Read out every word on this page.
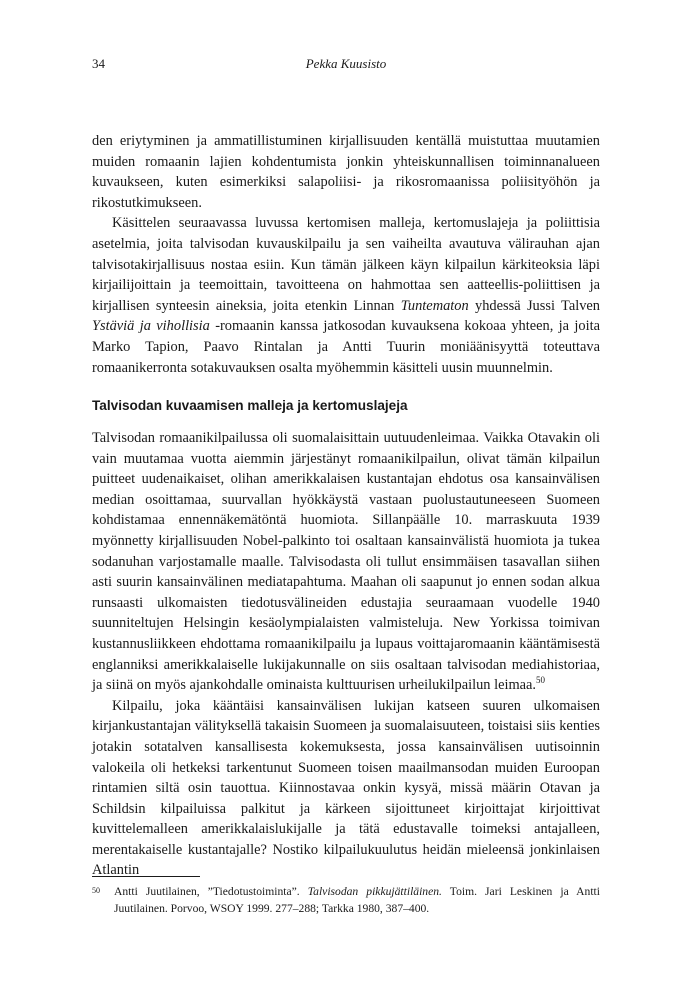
34	Pekka Kuusisto

den eriytyminen ja ammatillistuminen kirjallisuuden kentällä muistuttaa muutamien muiden romaanin lajien kohdentumista jonkin yhteiskunnallisen toiminnanalueen kuvaukseen, kuten esimerkiksi salapoliisi- ja rikosromaanissa poliisityöhön ja rikostutkimukseen.

Käsittelen seuraavassa luvussa kertomisen malleja, kertomuslajeja ja poliittisia asetelmia, joita talvisodan kuvauskilpailu ja sen vaiheilta avautuva välirauhan ajan talvisotakirjallisuus nostaa esiin. Kun tämän jälkeen käyn kilpailun kärkiteoksia läpi kirjailijoittain ja teemoittain, tavoitteena on hahmottaa sen aatteellis-poliittisen ja kirjallisen synteesin aineksia, joita etenkin Linnan Tuntematon yhdessä Jussi Talven Ystäviä ja vihollisia -romaanin kanssa jatkosodan kuvauksena kokoaa yhteen, ja joita Marko Tapion, Paavo Rintalan ja Antti Tuurin moniäänisyyttä toteuttava romaanikerronta sotakuvauksen osalta myöhemmin käsitteli uusin muunnelmin.

Talvisodan kuvaamisen malleja ja kertomuslajeja

Talvisodan romaanikilpailussa oli suomalaisittain uutuudenleimaa. Vaikka Otavakin oli vain muutamaa vuotta aiemmin järjestänyt romaanikilpailun, olivat tämän kilpailun puitteet uudenaikaiset, olihan amerikkalaisen kustantajan ehdotus osa kansainvälisen median osoittamaa, suurvallan hyökkäystä vastaan puolustautuneeseen Suomeen kohdistamaa ennennäkemätöntä huomiota. Sillanpäälle 10. marraskuuta 1939 myönnetty kirjallisuuden Nobel-palkinto toi osaltaan kansainvälistä huomiota ja tukea sodanuhan varjostamalle maalle. Talvisodasta oli tullut ensimmäisen tasavallan siihen asti suurin kansainvälinen mediatapahtuma. Maahan oli saapunut jo ennen sodan alkua runsaasti ulkomaisten tiedotusvälineiden edustajia seuraamaan vuodelle 1940 suunniteltujen Helsingin kesäolympialaisten valmisteluja. New Yorkissa toimivan kustannusliikkeen ehdottama romaanikilpailu ja lupaus voittajaromaanin kääntämisestä englanniksi amerikkalaiselle lukijakunnalle on siis osaltaan talvisodan mediahistoriaa, ja siinä on myös ajankohdalle ominaista kulttuurisen urheilukilpailun leimaa.$^{50}$

Kilpailu, joka kääntäisi kansainvälisen lukijan katseen suuren ulkomaisen kirjankustantajan välityksellä takaisin Suomeen ja suomalaisuuteen, toistaisi siis kenties jotakin sotatalven kansallisesta kokemuksesta, jossa kansainvälisen uutisoinnin valokeila oli hetkeksi tarkentunut Suomeen toisen maailmansodan muiden Euroopan rintamien siltä osin tauottua. Kiinnostavaa onkin kysyä, missä määrin Otavan ja Schildsin kilpailuissa palkitut ja kärkeen sijoittuneet kirjoittajat kirjoittivat kuvittelemalleen amerikkalaislukijalle ja tätä edustavalle toimeksi antajalleen, merentakaiselle kustantajalle? Nostiko kilpailukuulutus heidän mieleensä jonkinlaisen Atlantin

50 Antti Juutilainen, ”Tiedotustoiminta”. Talvisodan pikkujättiläinen. Toim. Jari Leskinen ja Antti Juutilainen. Porvoo, WSOY 1999. 277–288; Tarkka 1980, 387–400.
